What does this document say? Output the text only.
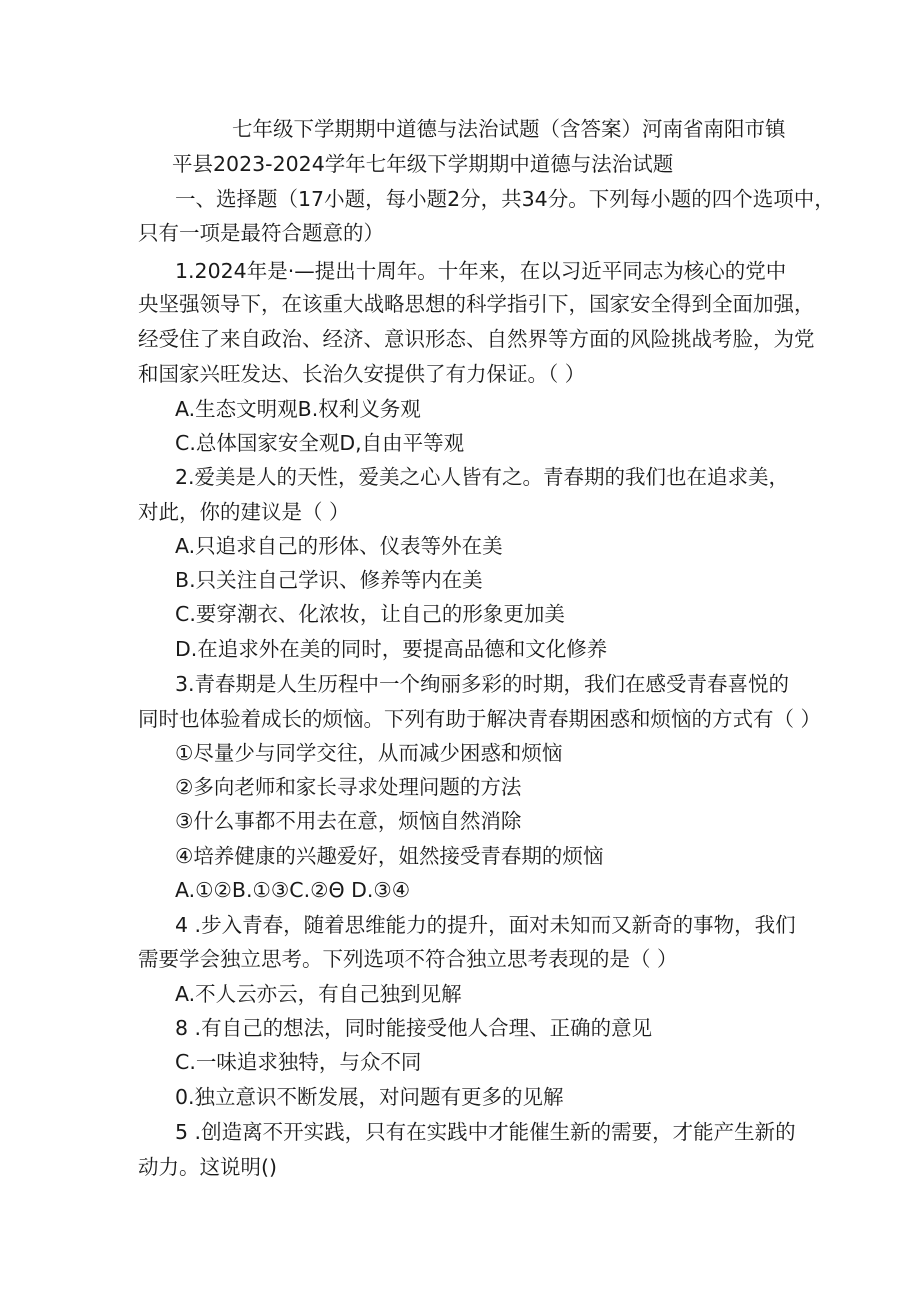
七年级下学期期中道德与法治试题（含答案）河南省南阳市镇
平县2023-2024学年七年级下学期期中道德与法治试题
一、选择题（17小题，每小题2分，共34分。下列每小题的四个选项中，
只有一项是最符合题意的）
1.2024年是·—提出十周年。十年来，在以习近平同志为核心的党中
央坚强领导下，在该重大战略思想的科学指引下，国家安全得到全面加强，
经受住了来自政治、经济、意识形态、自然界等方面的风险挑战考脸，为党
和国家兴旺发达、长治久安提供了有力保证。（ ）
A.生态文明观B.权利义务观
C.总体国家安全观D,自由平等观
2.爱美是人的天性，爱美之心人皆有之。青春期的我们也在追求美，
对此，你的建议是（ ）
A.只追求自己的形体、仪表等外在美
B.只关注自己学识、修养等内在美
C.要穿潮衣、化浓妆，让自己的形象更加美
D.在追求外在美的同时，要提高品德和文化修养
3.青春期是人生历程中一个绚丽多彩的时期，我们在感受青春喜悦的
同时也体验着成长的烦恼。下列有助于解决青春期困惑和烦恼的方式有（ ）
①尽量少与同学交往，从而减少困惑和烦恼
②多向老师和家长寻求处理问题的方法
③什么事都不用去在意，烦恼自然消除
④培养健康的兴趣爱好，姐然接受青春期的烦恼
A.①②B.①③C.②Θ D.③④
4 .步入青春，随着思维能力的提升，面对未知而又新奇的事物，我们
需要学会独立思考。下列选项不符合独立思考表现的是（ ）
A.不人云亦云，有自己独到见解
8 .有自己的想法，同时能接受他人合理、正确的意见
C.一味追求独特，与众不同
0.独立意识不断发展，对问题有更多的见解
5 .创造离不开实践，只有在实践中才能催生新的需要，才能产生新的
动力。这说明()
